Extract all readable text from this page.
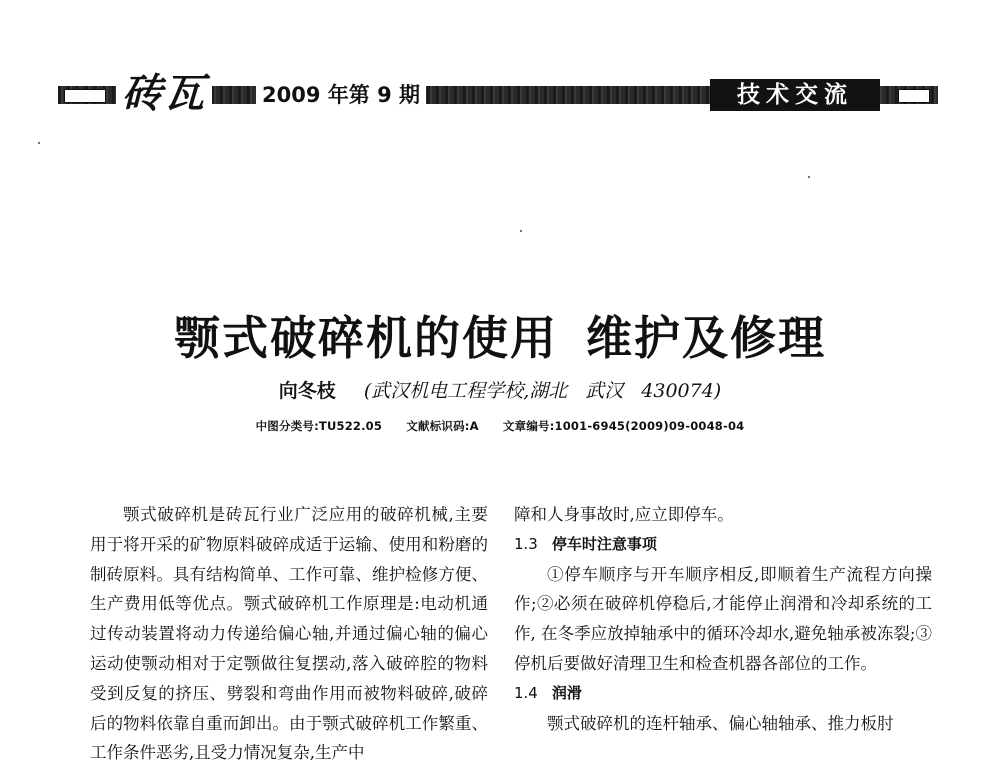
砖瓦	2009 年第 9 期	技术交流
颚式破碎机的使用 维护及修理
向冬枝 (武汉机电工程学校,湖北 武汉 430074)
中图分类号:TU522.05 文献标识码:A 文章编号:1001-6945(2009)09-0048-04

颚式破碎机是砖瓦行业广泛应用的破碎机械,主要用于将开采的矿物原料破碎成适于运输、使用和粉磨的制砖原料。具有结构简单、工作可靠、维护检修方便、生产费用低等优点。颚式破碎机工作原理是:电动机通过传动装置将动力传递给偏心轴,并通过偏心轴的偏心运动使颚动相对于定颚做往复摆动,落入破碎腔的物料受到反复的挤压、劈裂和弯曲作用而被物料破碎,破碎后的物料依靠自重而卸出。由于颚式破碎机工作繁重、工作条件恶劣,且受力情况复杂,生产中

障和人身事故时,应立即停车。

1.3 停车时注意事项

①停车顺序与开车顺序相反,即顺着生产流程方向操作;②必须在破碎机停稳后,才能停止润滑和冷却系统的工作, 在冬季应放掉轴承中的循环冷却水,避免轴承被冻裂;③停机后要做好清理卫生和检查机器各部位的工作。

1.4 润滑

颚式破碎机的连杆轴承、偏心轴轴承、推力板肘
